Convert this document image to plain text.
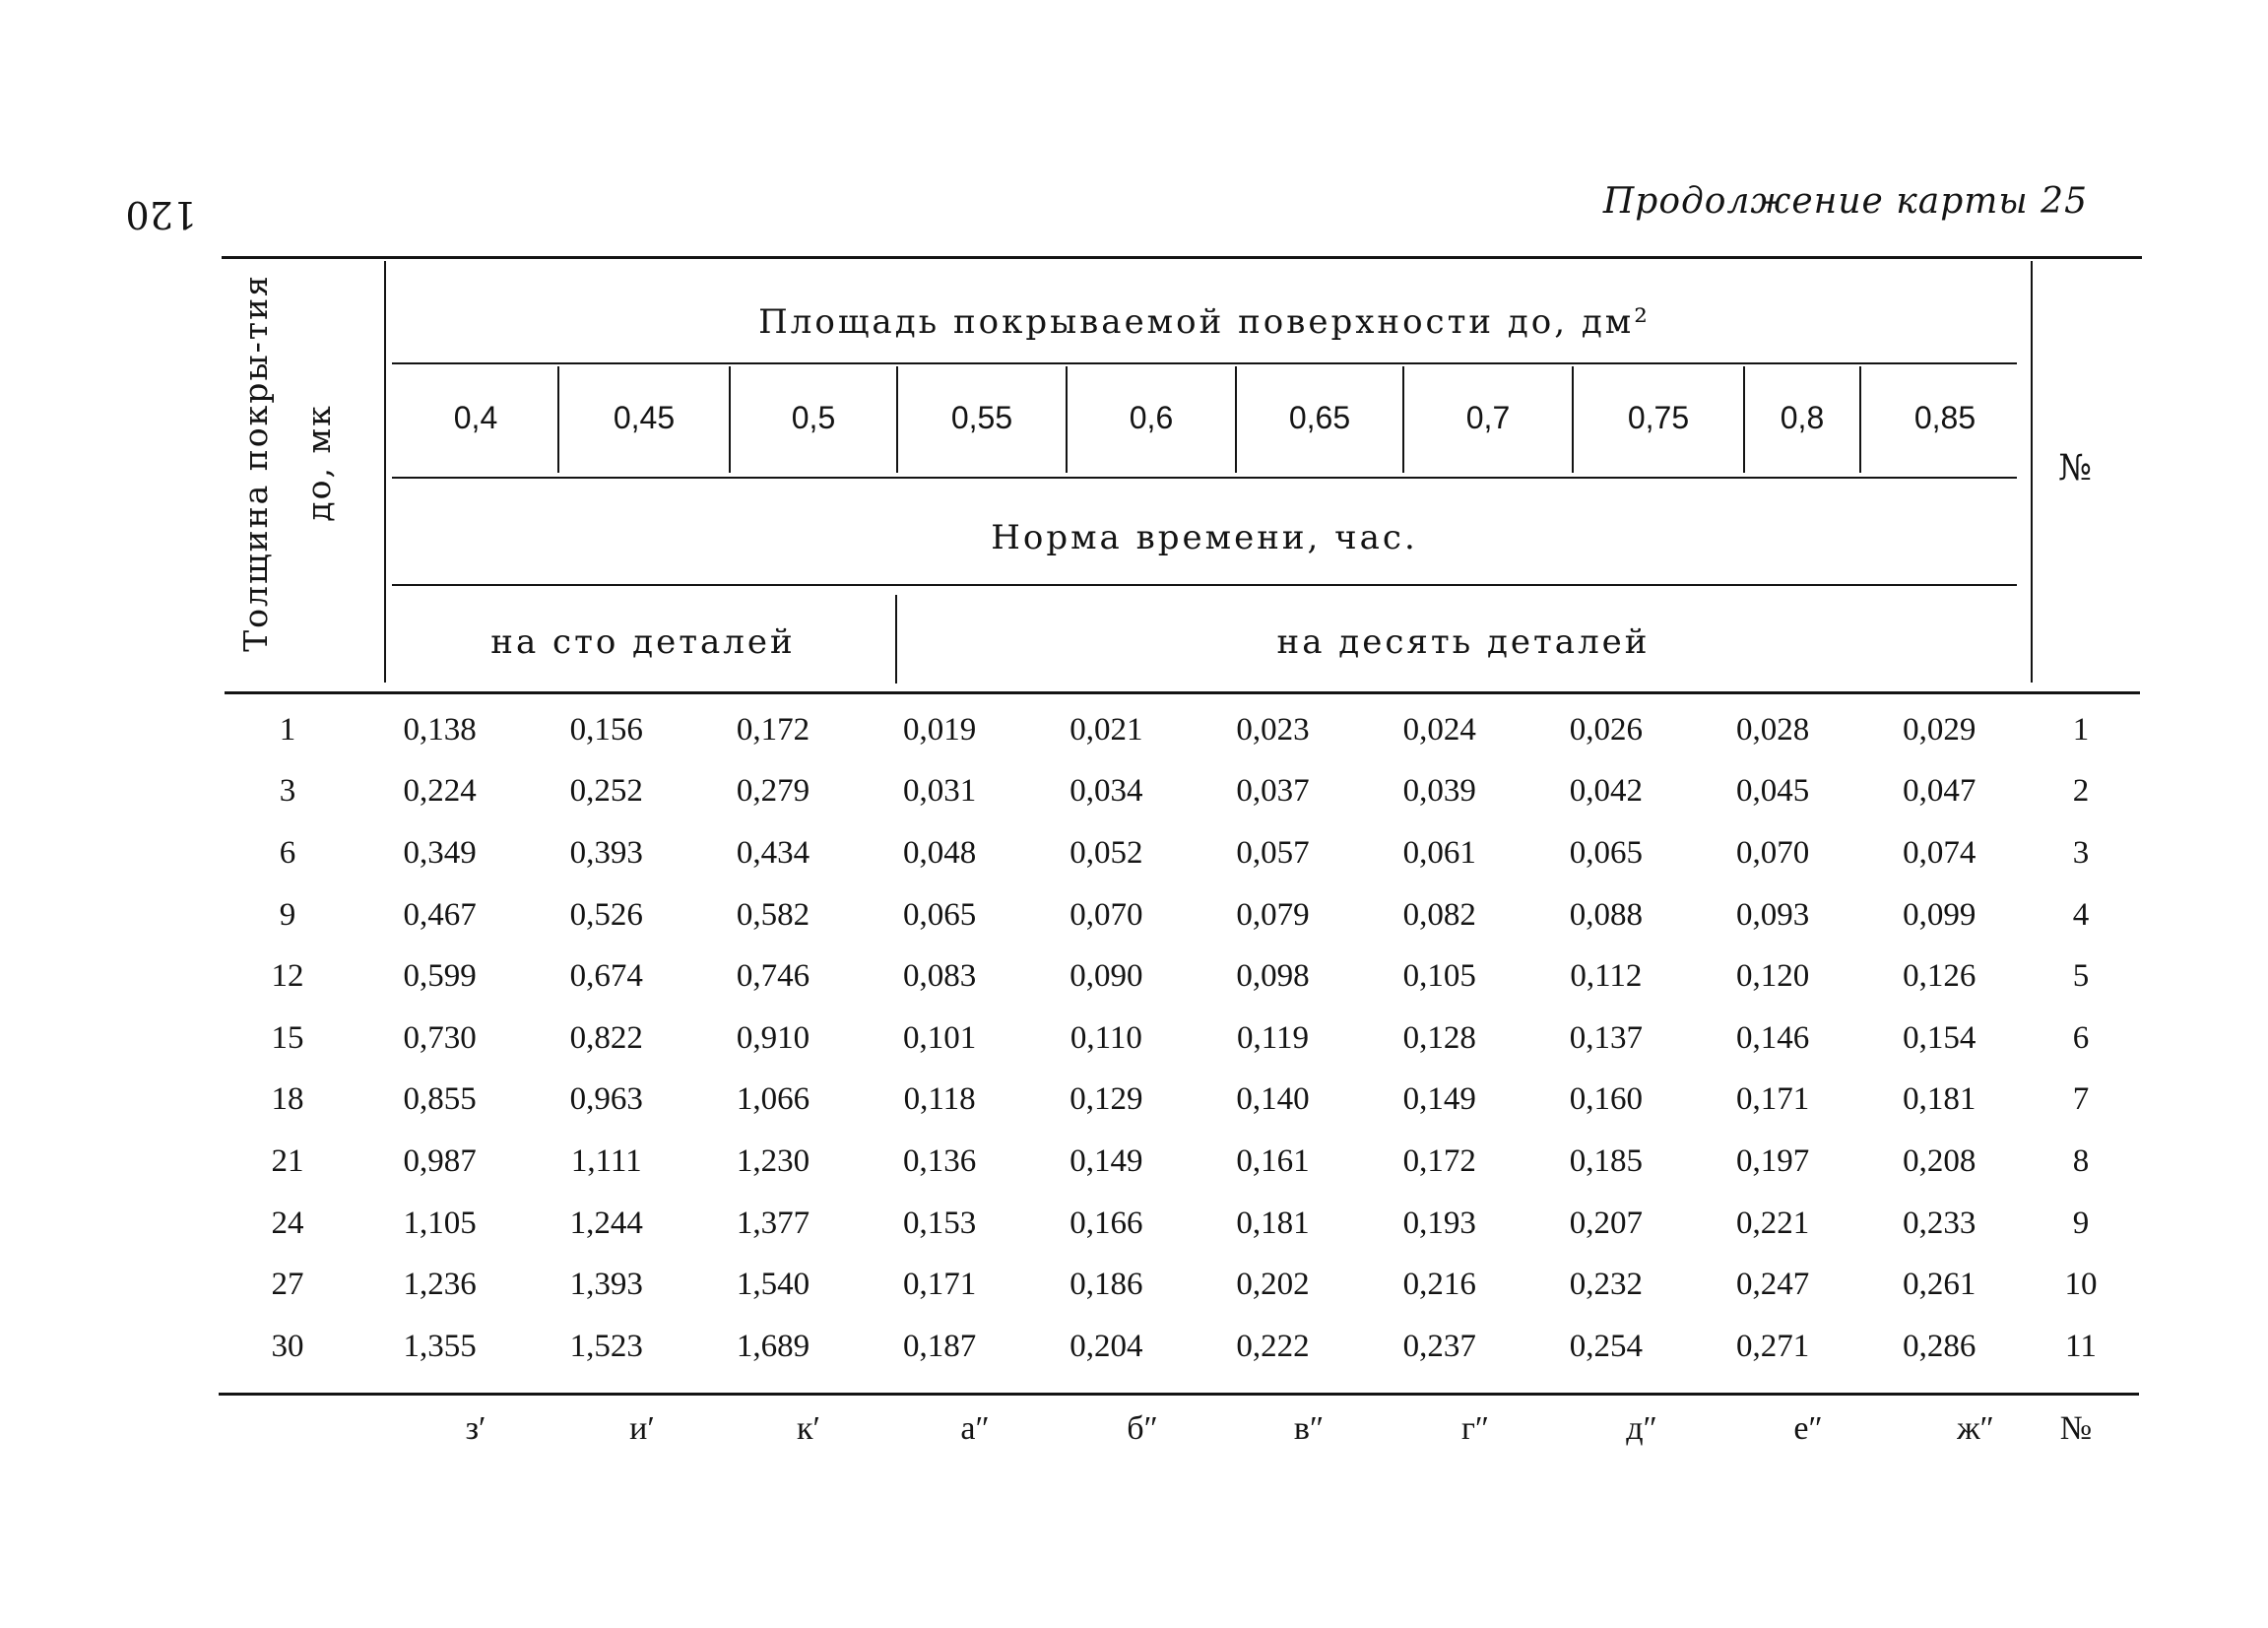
120	Продолжение карты 25
Толщина покры-тия до, мк
Площадь покрываемой поверхности до, дм²
0,4	0,45	0,5	0,55	0,6	0,65	0,7	0,75	0,8	0,85
Норма времени, час.
на сто деталей	на десять деталей
№
1	0,138	0,156	0,172	0,019	0,021	0,023	0,024	0,026	0,028	0,029	1
3	0,224	0,252	0,279	0,031	0,034	0,037	0,039	0,042	0,045	0,047	2
6	0,349	0,393	0,434	0,048	0,052	0,057	0,061	0,065	0,070	0,074	3
9	0,467	0,526	0,582	0,065	0,070	0,079	0,082	0,088	0,093	0,099	4
12	0,599	0,674	0,746	0,083	0,090	0,098	0,105	0,112	0,120	0,126	5
15	0,730	0,822	0,910	0,101	0,110	0,119	0,128	0,137	0,146	0,154	6
18	0,855	0,963	1,066	0,118	0,129	0,140	0,149	0,160	0,171	0,181	7
21	0,987	1,111	1,230	0,136	0,149	0,161	0,172	0,185	0,197	0,208	8
24	1,105	1,244	1,377	0,153	0,166	0,181	0,193	0,207	0,221	0,233	9
27	1,236	1,393	1,540	0,171	0,186	0,202	0,216	0,232	0,247	0,261	10
30	1,355	1,523	1,689	0,187	0,204	0,222	0,237	0,254	0,271	0,286	11
з′	и′	к′	а″	б″	в″	г″	д″	е″	ж″	№
